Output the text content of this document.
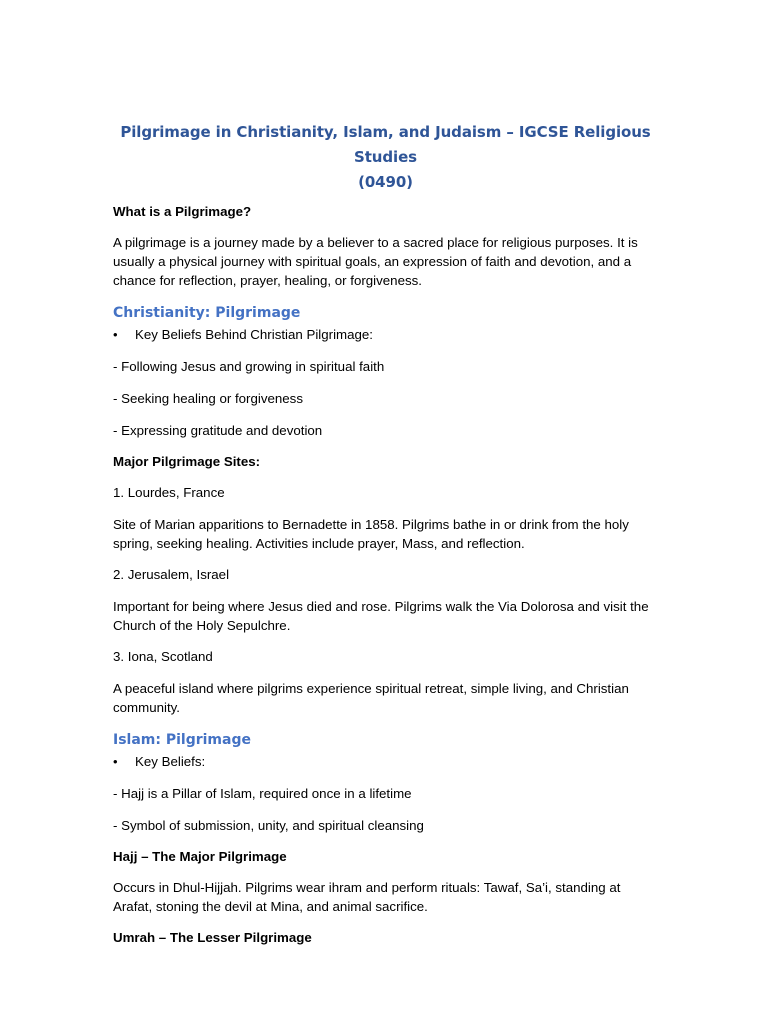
Pilgrimage in Christianity, Islam, and Judaism – IGCSE Religious Studies
(0490)

What is a Pilgrimage?

A pilgrimage is a journey made by a believer to a sacred place for religious purposes. It is usually a physical journey with spiritual goals, an expression of faith and devotion, and a chance for reflection, prayer, healing, or forgiveness.

Christianity: Pilgrimage
• Key Beliefs Behind Christian Pilgrimage:

- Following Jesus and growing in spiritual faith

- Seeking healing or forgiveness

- Expressing gratitude and devotion

Major Pilgrimage Sites:

1. Lourdes, France

Site of Marian apparitions to Bernadette in 1858. Pilgrims bathe in or drink from the holy spring, seeking healing. Activities include prayer, Mass, and reflection.

2. Jerusalem, Israel

Important for being where Jesus died and rose. Pilgrims walk the Via Dolorosa and visit the Church of the Holy Sepulchre.

3. Iona, Scotland

A peaceful island where pilgrims experience spiritual retreat, simple living, and Christian community.

Islam: Pilgrimage
• Key Beliefs:

- Hajj is a Pillar of Islam, required once in a lifetime

- Symbol of submission, unity, and spiritual cleansing

Hajj – The Major Pilgrimage

Occurs in Dhul-Hijjah. Pilgrims wear ihram and perform rituals: Tawaf, Sa’i, standing at Arafat, stoning the devil at Mina, and animal sacrifice.

Umrah – The Lesser Pilgrimage
